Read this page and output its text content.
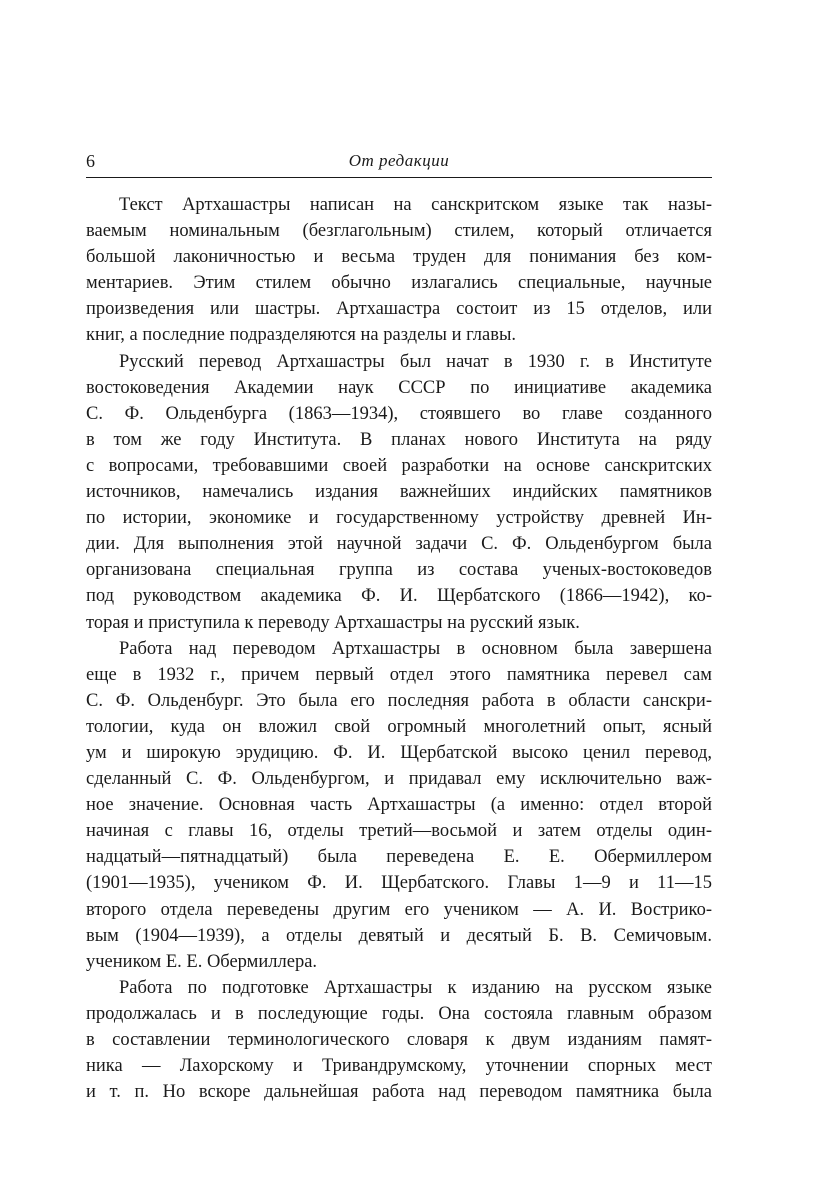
6	От редакции
Текст Артхашастры написан на санскритском языке так назы-
ваемым номинальным (безглагольным) стилем, который отличается
большой лаконичностью и весьма труден для понимания без ком-
ментариев. Этим стилем обычно излагались специальные, научные
произведения или шастры. Артхашастра состоит из 15 отделов, или
книг, а последние подразделяются на разделы и главы.
Русский перевод Артхашастры был начат в 1930 г. в Институте
востоковедения Академии наук СССР по инициативе академика
С. Ф. Ольденбурга (1863—1934), стоявшего во главе созданного
в том же году Института. В планах нового Института на ряду
с вопросами, требовавшими своей разработки на основе санскритских
источников, намечались издания важнейших индийских памятников
по истории, экономике и государственному устройству древней Ин-
дии. Для выполнения этой научной задачи С. Ф. Ольденбургом была
организована специальная группа из состава ученых-востоковедов
под руководством академика Ф. И. Щербатского (1866—1942), ко-
торая и приступила к переводу Артхашастры на русский язык.
Работа над переводом Артхашастры в основном была завершена
еще в 1932 г., причем первый отдел этого памятника перевел сам
С. Ф. Ольденбург. Это была его последняя работа в области санскри-
тологии, куда он вложил свой огромный многолетний опыт, ясный
ум и широкую эрудицию. Ф. И. Щербатской высоко ценил перевод,
сделанный С. Ф. Ольденбургом, и придавал ему исключительно важ-
ное значение. Основная часть Артхашастры (а именно: отдел второй
начиная с главы 16, отделы третий—восьмой и затем отделы один-
надцатый—пятнадцатый) была переведена Е. Е. Обермиллером
(1901—1935), учеником Ф. И. Щербатского. Главы 1—9 и 11—15
второго отдела переведены другим его учеником — А. И. Вострико-
вым (1904—1939), а отделы девятый и десятый Б. В. Семичовым.
учеником Е. Е. Обермиллера.
Работа по подготовке Артхашастры к изданию на русском языке
продолжалась и в последующие годы. Она состояла главным образом
в составлении терминологического словаря к двум изданиям памят-
ника — Лахорскому и Тривандрумскому, уточнении спорных мест
и т. п. Но вскоре дальнейшая работа над переводом памятника была
